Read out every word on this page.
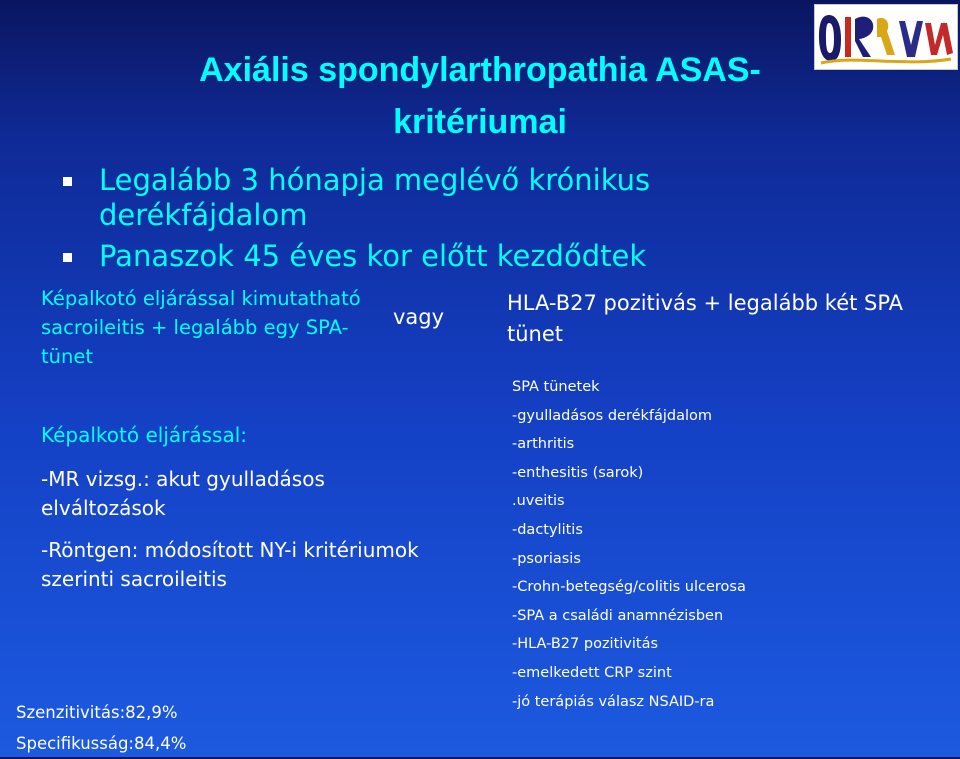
Axiális spondylarthropathia ASAS-
kritériumai
Legalább 3 hónapja meglévő krónikus derékfájdalom
Panaszok 45 éves kor előtt kezdődtek
Képalkotó eljárással kimutatható sacroileitis + legalább egy SPA-tünet
vagy
HLA-B27 pozitivás + legalább két SPA tünet
Képalkotó eljárással:
-MR vizsg.: akut gyulladásos elváltozások
-Röntgen: módosított NY-i kritériumok szerinti sacroileitis
SPA tünetek
-gyulladásos derékfájdalom
-arthritis
-enthesitis (sarok)
.uveitis
-dactylitis
-psoriasis
-Crohn-betegség/colitis ulcerosa
-SPA a családi anamnézisben
-HLA-B27 pozitivitás
-emelkedett CRP szint
-jó terápiás válasz NSAID-ra
Szenzitivitás:82,9%
Specifikusság:84,4%
